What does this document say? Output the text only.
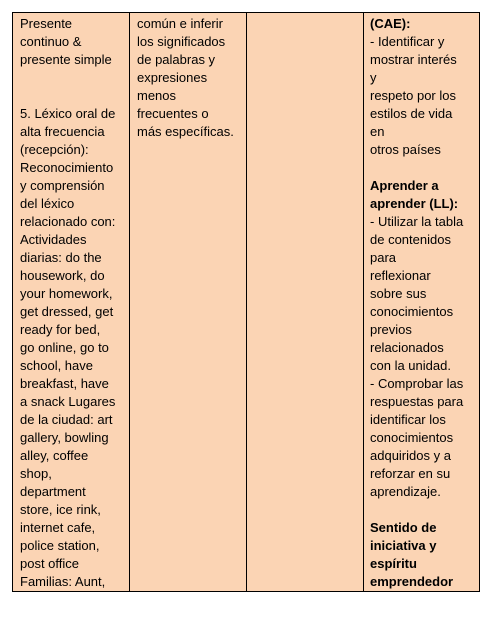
Presente
continuo &
presente simple
5. Léxico oral de
alta frecuencia
(recepción):
Reconocimiento
y comprensión
del léxico
relacionado con:
Actividades
diarias: do the
housework, do
your homework,
get dressed, get
ready for bed,
go online, go to
school, have
breakfast, have
a snack Lugares
de la ciudad: art
gallery, bowling
alley, coffee
shop,
department
store, ice rink,
internet cafe,
police station,
post office
Familias: Aunt,
común e inferir
los significados
de palabras y
expresiones
menos
frecuentes o
más específicas.
(CAE):
- Identificar y
mostrar interés
y
respeto por los
estilos de vida
en
otros países
Aprender a
aprender (LL):
- Utilizar la tabla
de contenidos
para
reflexionar
sobre sus
conocimientos
previos
relacionados
con la unidad.
- Comprobar las
respuestas para
identificar los
conocimientos
adquiridos y a
reforzar en su
aprendizaje.
Sentido de
iniciativa y
espíritu
emprendedor
